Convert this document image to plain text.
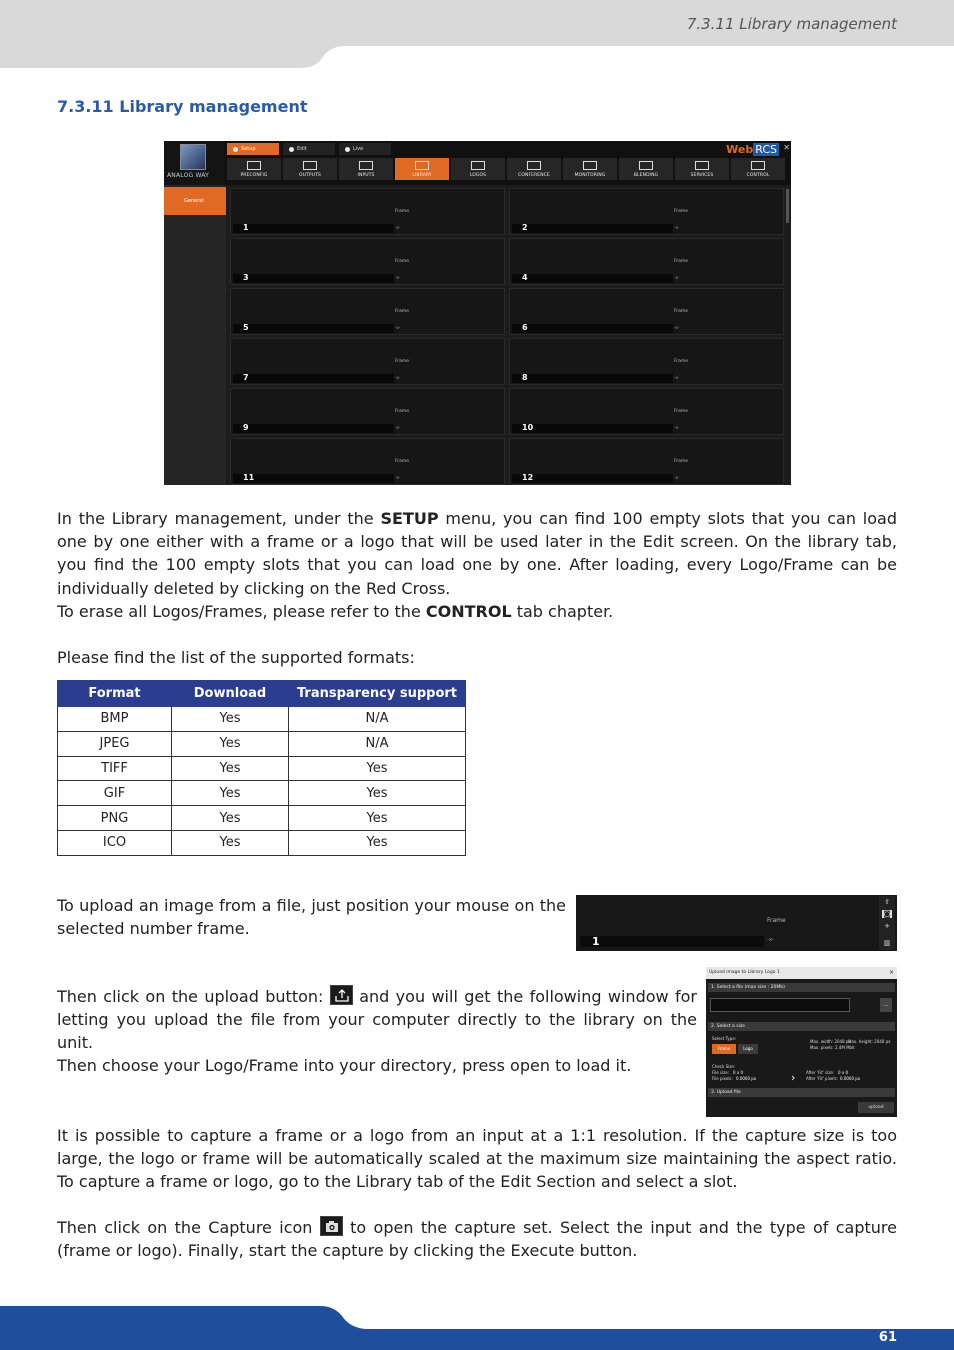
7.3.11 Library management
7.3.11 Library management
ANALOG WAY
Setup	Edit	Live	Web RCS ✕
PRECONFIG	OUTPUTS	INPUTS	LIBRARY	LOGOS	CONFERENCE	MONITORING	BLENDING	SERVICES	CONTROL
General
1
Frame
-x-	2
Frame
-x-
3
Frame
-x-	4
Frame
-x-
5
Frame
-x-	6
Frame
-x-
7
Frame
-x-	8
Frame
-x-
9
Frame
-x-	10
Frame
-x-
11
Frame
-x-	12
Frame
-x-
In the Library management, under the SETUP menu, you can find 100 empty slots that you can load one by one either with a frame or a logo that will be used later in the Edit screen. On the library tab, you find the 100 empty slots that you can load one by one. After loading, every Logo/Frame can be individually deleted by clicking on the Red Cross.
To erase all Logos/Frames, please refer to the CONTROL tab chapter.
Please find the list of the supported formats:
Format	Download	Transparency support
BMP	Yes	N/A
JPEG	Yes	N/A
TIFF	Yes	Yes
GIF	Yes	Yes
PNG	Yes	Yes
ICO	Yes	Yes
To upload an image from a file, just position your mouse on the selected number frame.
1
Frame
-x-
⇪
◙
+
▥
Then click on the upload button:
and you will get the following window for letting you upload the file from your computer directly to the library on the unit.
Then choose your Logo/Frame into your directory, press open to load it.
Upload image to Library Logo 1	×
1. Select a file (max size : 20Mb)
...
2. Select a size
Select Type:
Frame	Logo
Max. width: 2048 px
Max. height: 2048 px
Max. pixels: 2.4M Mbit
Check Size:
File size: 0 x 0
File pixels: 0.0000 px	›	After 'Fit' size: 0 x 0
After 'Fit' pixels: 0.0000 px
3. Upload file
upload
It is possible to capture a frame or a logo from an input at a 1:1 resolution. If the capture size is too large, the logo or frame will be automatically scaled at the maximum size maintaining the aspect ratio. To capture a frame or logo, go to the Library tab of the Edit Section and select a slot.
Then click on the Capture icon
to open the capture set. Select the input and the type of capture (frame or logo). Finally, start the capture by clicking the Execute button.
61
